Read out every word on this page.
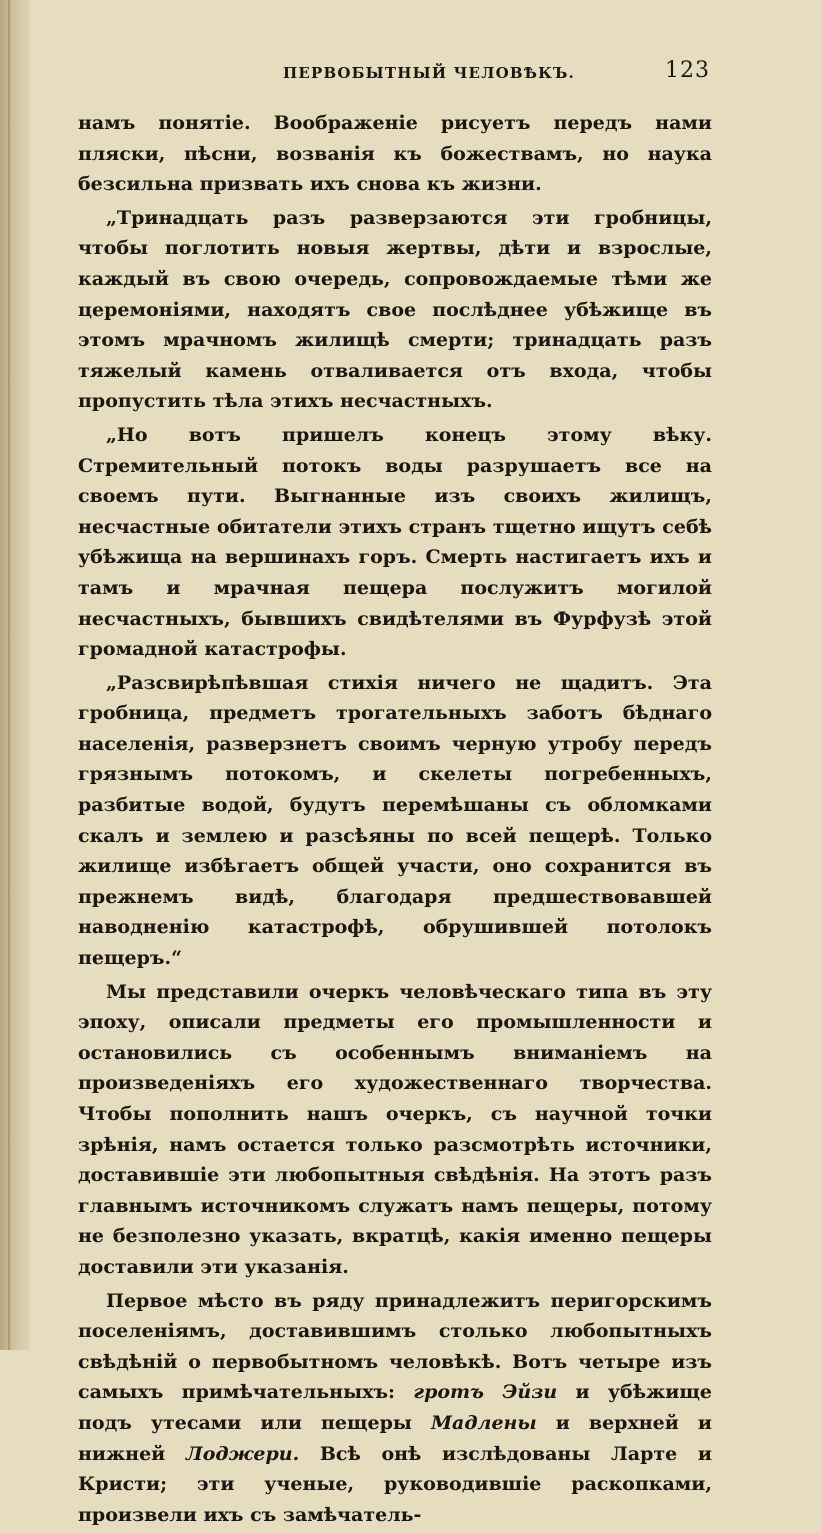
ПЕРВОБЫТНЫЙ ЧЕЛОВѢКЪ.	123

намъ понятіе. Воображеніе рисуетъ передъ нами пляски, пѣсни, возванія къ божествамъ, но наука безсильна призвать ихъ снова къ жизни.

„Тринадцать разъ разверзаются эти гробницы, чтобы поглотить новыя жертвы, дѣти и взрослые, каждый въ свою очередь, сопровождаемые тѣми же церемоніями, находятъ свое послѣднее убѣжище въ этомъ мрачномъ жилищѣ смерти; тринадцать разъ тяжелый камень отваливается отъ входа, чтобы пропустить тѣла этихъ несчастныхъ.

„Но вотъ пришелъ конецъ этому вѣку. Стремительный потокъ воды разрушаетъ все на своемъ пути. Выгнанные изъ своихъ жилищъ, несчастные обитатели этихъ странъ тщетно ищутъ себѣ убѣжища на вершинахъ горъ. Смерть настигаетъ ихъ и тамъ и мрачная пещера послужитъ могилой несчастныхъ, бывшихъ свидѣтелями въ Фурфузѣ этой громадной катастрофы.

„Разсвирѣпѣвшая стихія ничего не щадитъ. Эта гробница, предметъ трогательныхъ заботъ бѣднаго населенія, разверзнетъ своимъ черную утробу передъ грязнымъ потокомъ, и скелеты погребенныхъ, разбитые водой, будутъ перемѣшаны съ обломками скалъ и землею и разсѣяны по всей пещерѣ. Только жилище избѣгаетъ общей участи, оно сохранится въ прежнемъ видѣ, благодаря предшествовавшей наводненію катастрофѣ, обрушившей потолокъ пещеръ.“

Мы представили очеркъ человѣческаго типа въ эту эпоху, описали предметы его промышленности и остановились съ особеннымъ вниманіемъ на произведеніяхъ его художественнаго творчества. Чтобы пополнить нашъ очеркъ, съ научной точки зрѣнія, намъ остается только разсмотрѣть источники, доставившіе эти любопытныя свѣдѣнія. На этотъ разъ главнымъ источникомъ служатъ намъ пещеры, потому не безполезно указать, вкратцѣ, какія именно пещеры доставили эти указанія.

Первое мѣсто въ ряду принадлежитъ перигорскимъ поселеніямъ, доставившимъ столько любопытныхъ свѣдѣній о первобытномъ человѣкѣ. Вотъ четыре изъ самыхъ примѣчательныхъ: гротъ Эйзи и убѣжище подъ утесами или пещеры Мадлены и верхней и нижней Лоджери. Всѣ онѣ изслѣдованы Ларте и Кристи; эти ученые, руководившіе раскопками, произвели ихъ съ замѣчатель-
